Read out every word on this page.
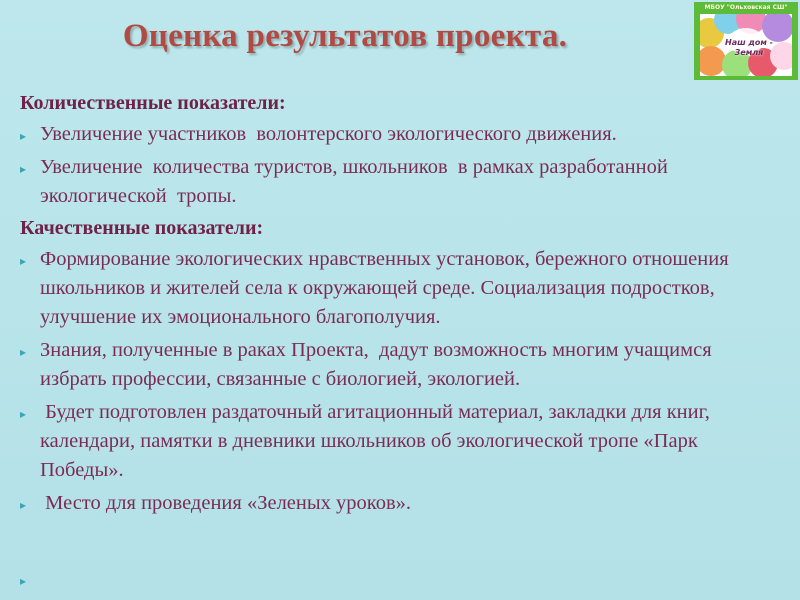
Оценка результатов проекта.
МБОУ "Ольховская СШ"
Наш дом -
Земля

Количественные показатели:

▸ Увеличение участников  волонтерского экологического движения.

▸ Увеличение  количества туристов, школьников  в рамках разработанной экологической  тропы.

Качественные показатели:

▸ Формирование экологических нравственных установок, бережного отношения школьников и жителей села к окружающей среде. Социализация подростков, улучшение их эмоционального благополучия.

▸ Знания, полученные в раках Проекта,  дадут возможность многим учащимся избрать профессии, связанные с биологией, экологией.

▸ Будет подготовлен раздаточный агитационный материал, закладки для книг, календари, памятки в дневники школьников об экологической тропе «Парк Победы».

▸ Место для проведения «Зеленых уроков».

▸
